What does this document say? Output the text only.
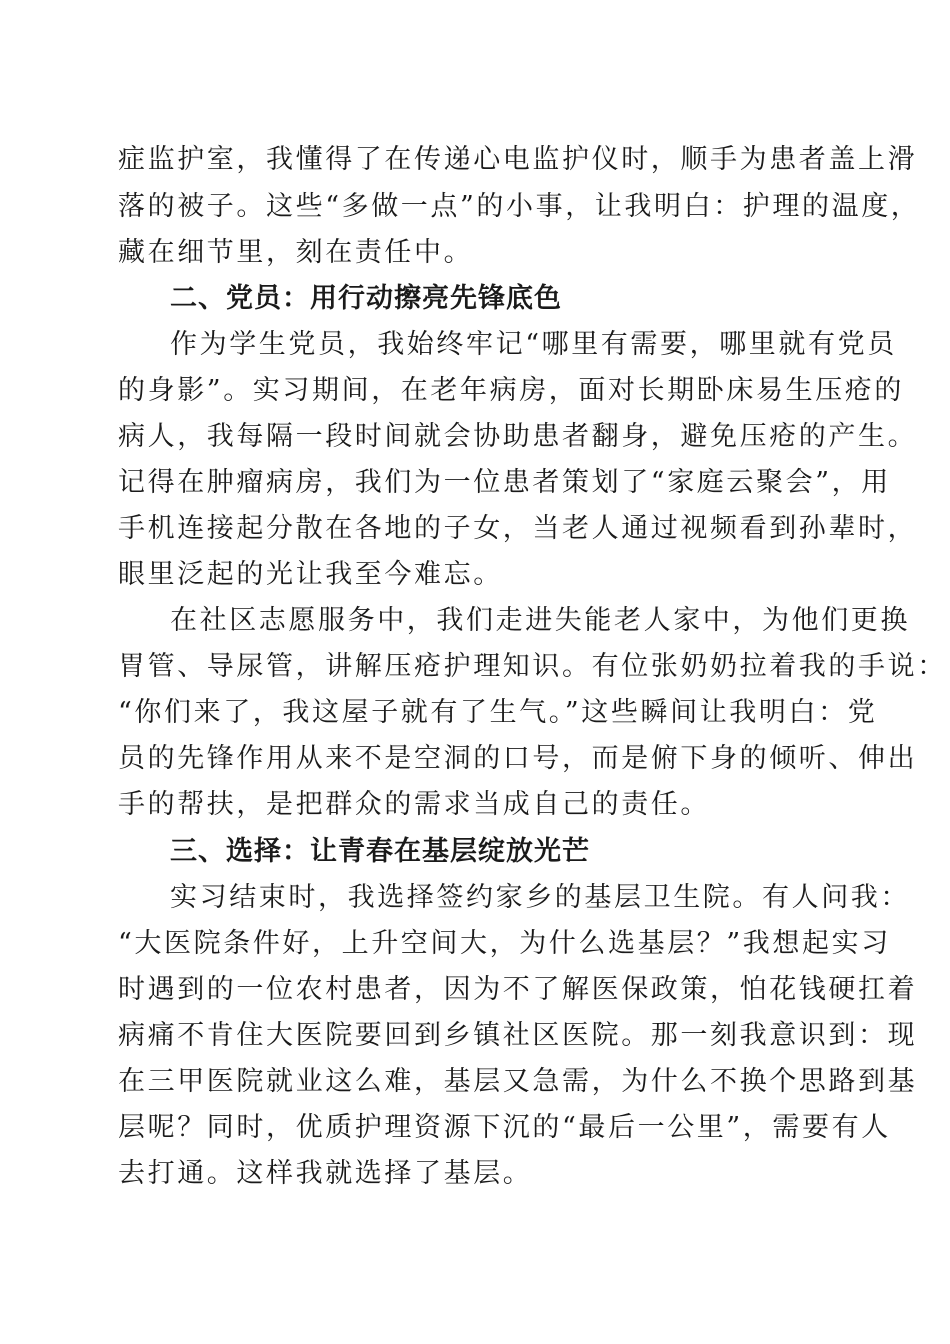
症监护室，我懂得了在传递心电监护仪时，顺手为患者盖上滑
落的被子。这些“多做一点”的小事，让我明白：护理的温度，
藏在细节里，刻在责任中。
二、党员：用行动擦亮先锋底色
作为学生党员，我始终牢记“哪里有需要，哪里就有党员
的身影”。实习期间，在老年病房，面对长期卧床易生压疮的
病人，我每隔一段时间就会协助患者翻身，避免压疮的产生。
记得在肿瘤病房，我们为一位患者策划了“家庭云聚会”，用
手机连接起分散在各地的子女，当老人通过视频看到孙辈时，
眼里泛起的光让我至今难忘。
在社区志愿服务中，我们走进失能老人家中，为他们更换
胃管、导尿管，讲解压疮护理知识。有位张奶奶拉着我的手说：
“你们来了，我这屋子就有了生气。”这些瞬间让我明白：党
员的先锋作用从来不是空洞的口号，而是俯下身的倾听、伸出
手的帮扶，是把群众的需求当成自己的责任。
三、选择：让青春在基层绽放光芒
实习结束时，我选择签约家乡的基层卫生院。有人问我：
“大医院条件好，上升空间大，为什么选基层？”我想起实习
时遇到的一位农村患者，因为不了解医保政策，怕花钱硬扛着
病痛不肯住大医院要回到乡镇社区医院。那一刻我意识到：现
在三甲医院就业这么难，基层又急需，为什么不换个思路到基
层呢？同时，优质护理资源下沉的“最后一公里”，需要有人
去打通。这样我就选择了基层。
